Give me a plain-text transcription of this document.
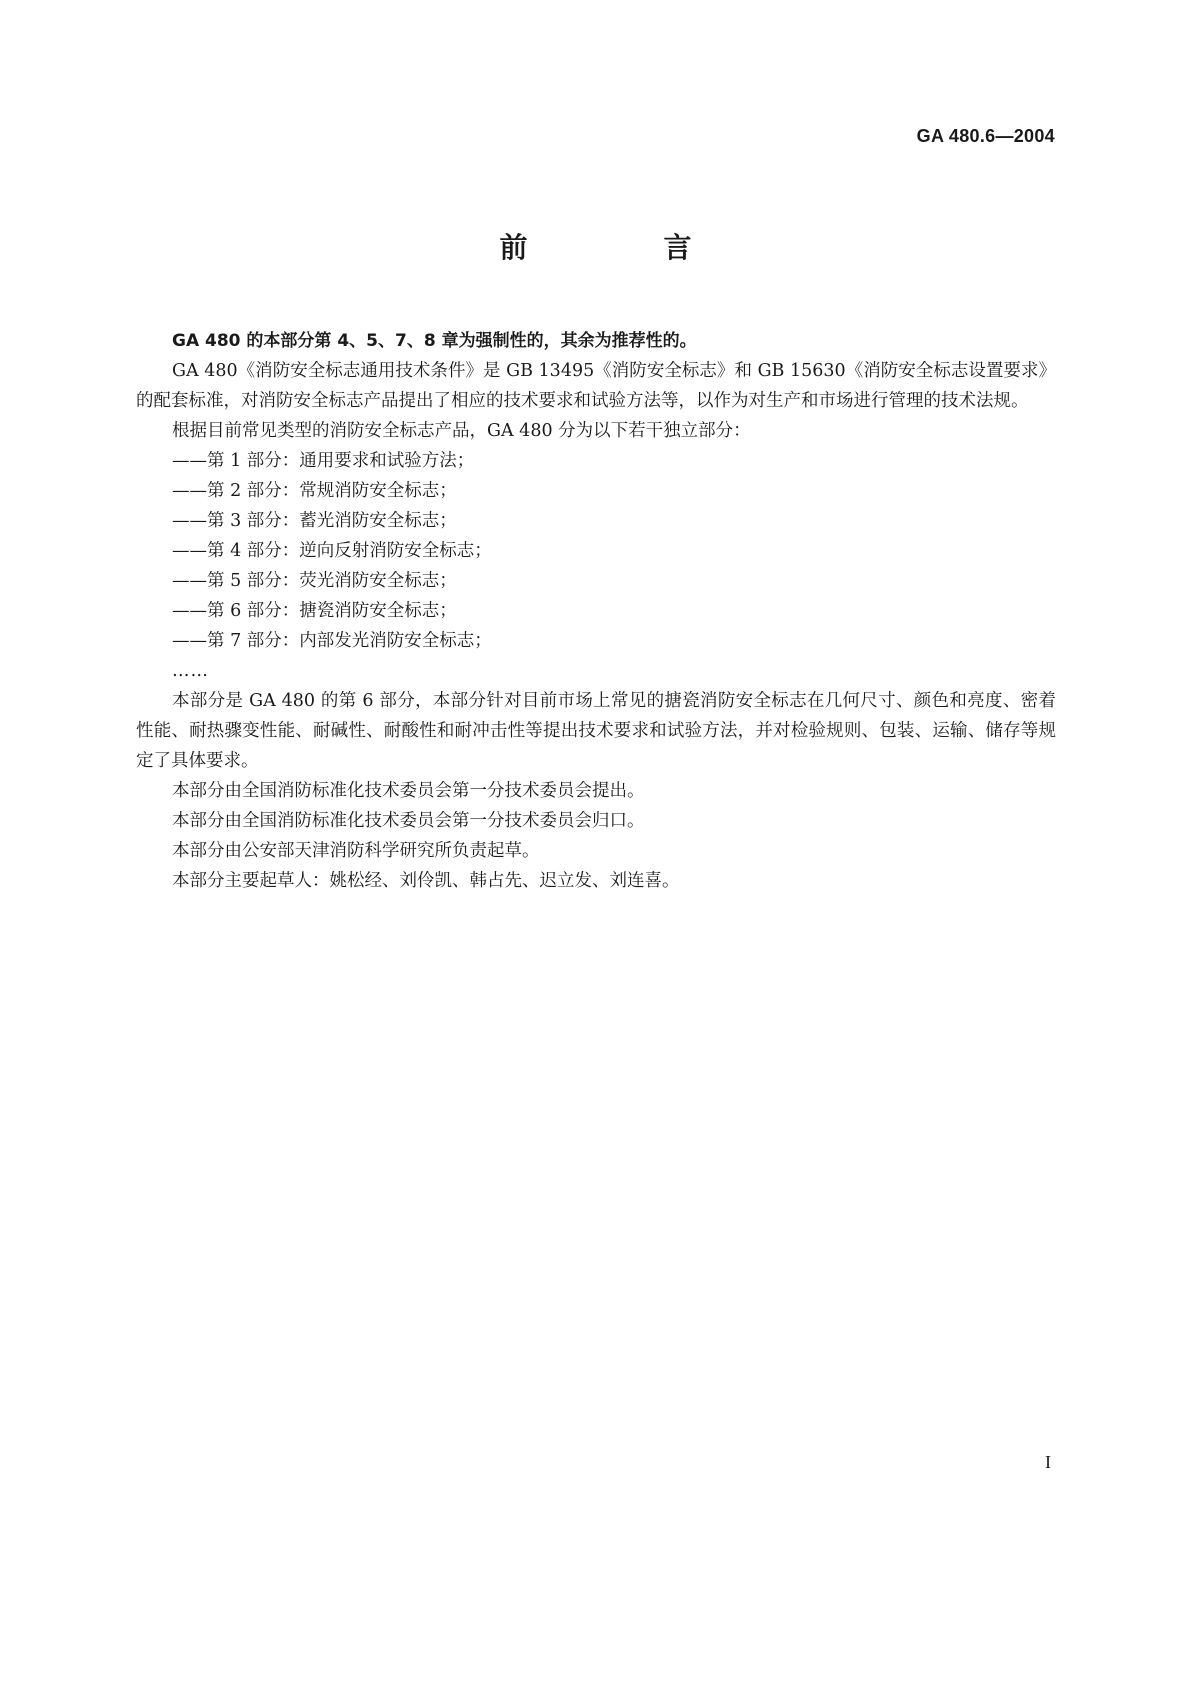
GA 480.6—2004
前　言

GA 480 的本部分第 4、5、7、8 章为强制性的，其余为推荐性的。

GA 480《消防安全标志通用技术条件》是 GB 13495《消防安全标志》和 GB 15630《消防安全标志设置要求》的配套标准，对消防安全标志产品提出了相应的技术要求和试验方法等，以作为对生产和市场进行管理的技术法规。

根据目前常见类型的消防安全标志产品，GA 480 分为以下若干独立部分：

——第 1 部分：通用要求和试验方法；
——第 2 部分：常规消防安全标志；
——第 3 部分：蓄光消防安全标志；
——第 4 部分：逆向反射消防安全标志；
——第 5 部分：荧光消防安全标志；
——第 6 部分：搪瓷消防安全标志；
——第 7 部分：内部发光消防安全标志；
……

本部分是 GA 480 的第 6 部分，本部分针对目前市场上常见的搪瓷消防安全标志在几何尺寸、颜色和亮度、密着性能、耐热骤变性能、耐碱性、耐酸性和耐冲击性等提出技术要求和试验方法，并对检验规则、包装、运输、储存等规定了具体要求。

本部分由全国消防标准化技术委员会第一分技术委员会提出。

本部分由全国消防标准化技术委员会第一分技术委员会归口。

本部分由公安部天津消防科学研究所负责起草。

本部分主要起草人：姚松经、刘伶凯、韩占先、迟立发、刘连喜。

I
